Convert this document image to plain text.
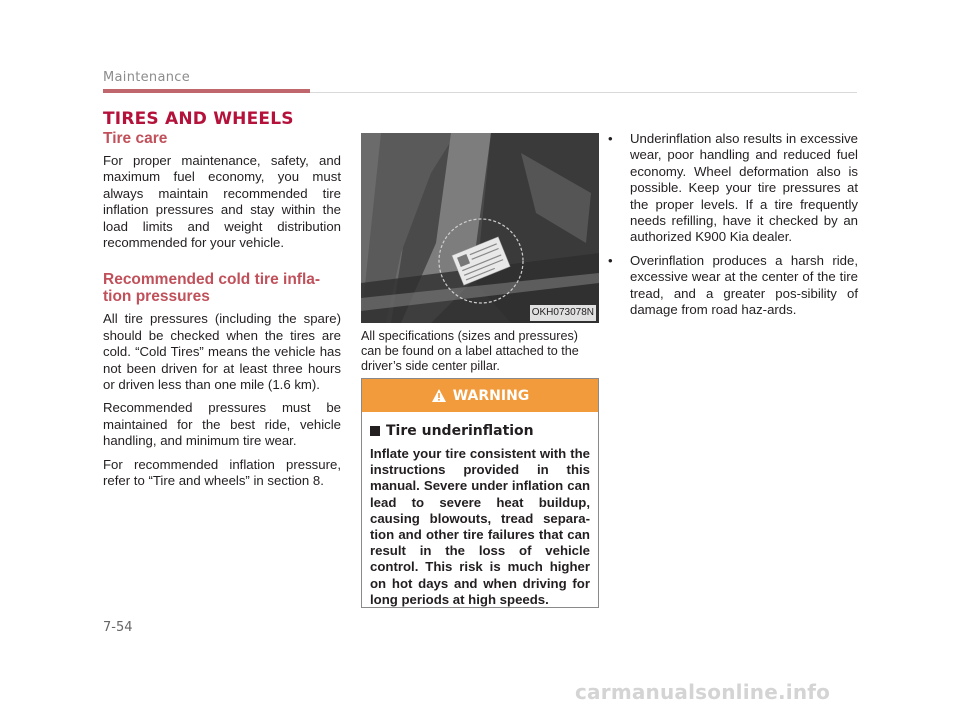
Maintenance
TIRES AND WHEELS
Tire care

For proper maintenance, safety, and maximum fuel economy, you must always maintain recommended tire inflation pressures and stay within the load limits and weight distribution recommended for your vehicle.

Recommended cold tire infla-tion pressures

All tire pressures (including the spare) should be checked when the tires are cold. “Cold Tires” means the vehicle has not been driven for at least three hours or driven less than one mile (1.6 km).

Recommended pressures must be maintained for the best ride, vehicle handling, and minimum tire wear.

For recommended inflation pressure, refer to “Tire and wheels” in section 8.

OKH073078N

All specifications (sizes and pressures) can be found on a label attached to the driver’s side center pillar.

WARNING
Tire underinflation
Inflate your tire consistent with the instructions provided in this manual. Severe under inflation can lead to severe heat buildup, causing blowouts, tread separa-tion and other tire failures that can result in the loss of vehicle control. This risk is much higher on hot days and when driving for long periods at high speeds.
• Underinflation also results in excessive wear, poor handling and reduced fuel economy. Wheel deformation also is possible. Keep your tire pressures at the proper levels. If a tire frequently needs refilling, have it checked by an authorized K900 Kia dealer.
• Overinflation produces a harsh ride, excessive wear at the center of the tire tread, and a greater pos-sibility of damage from road haz-ards.
7-54
carmanualsonline.info
